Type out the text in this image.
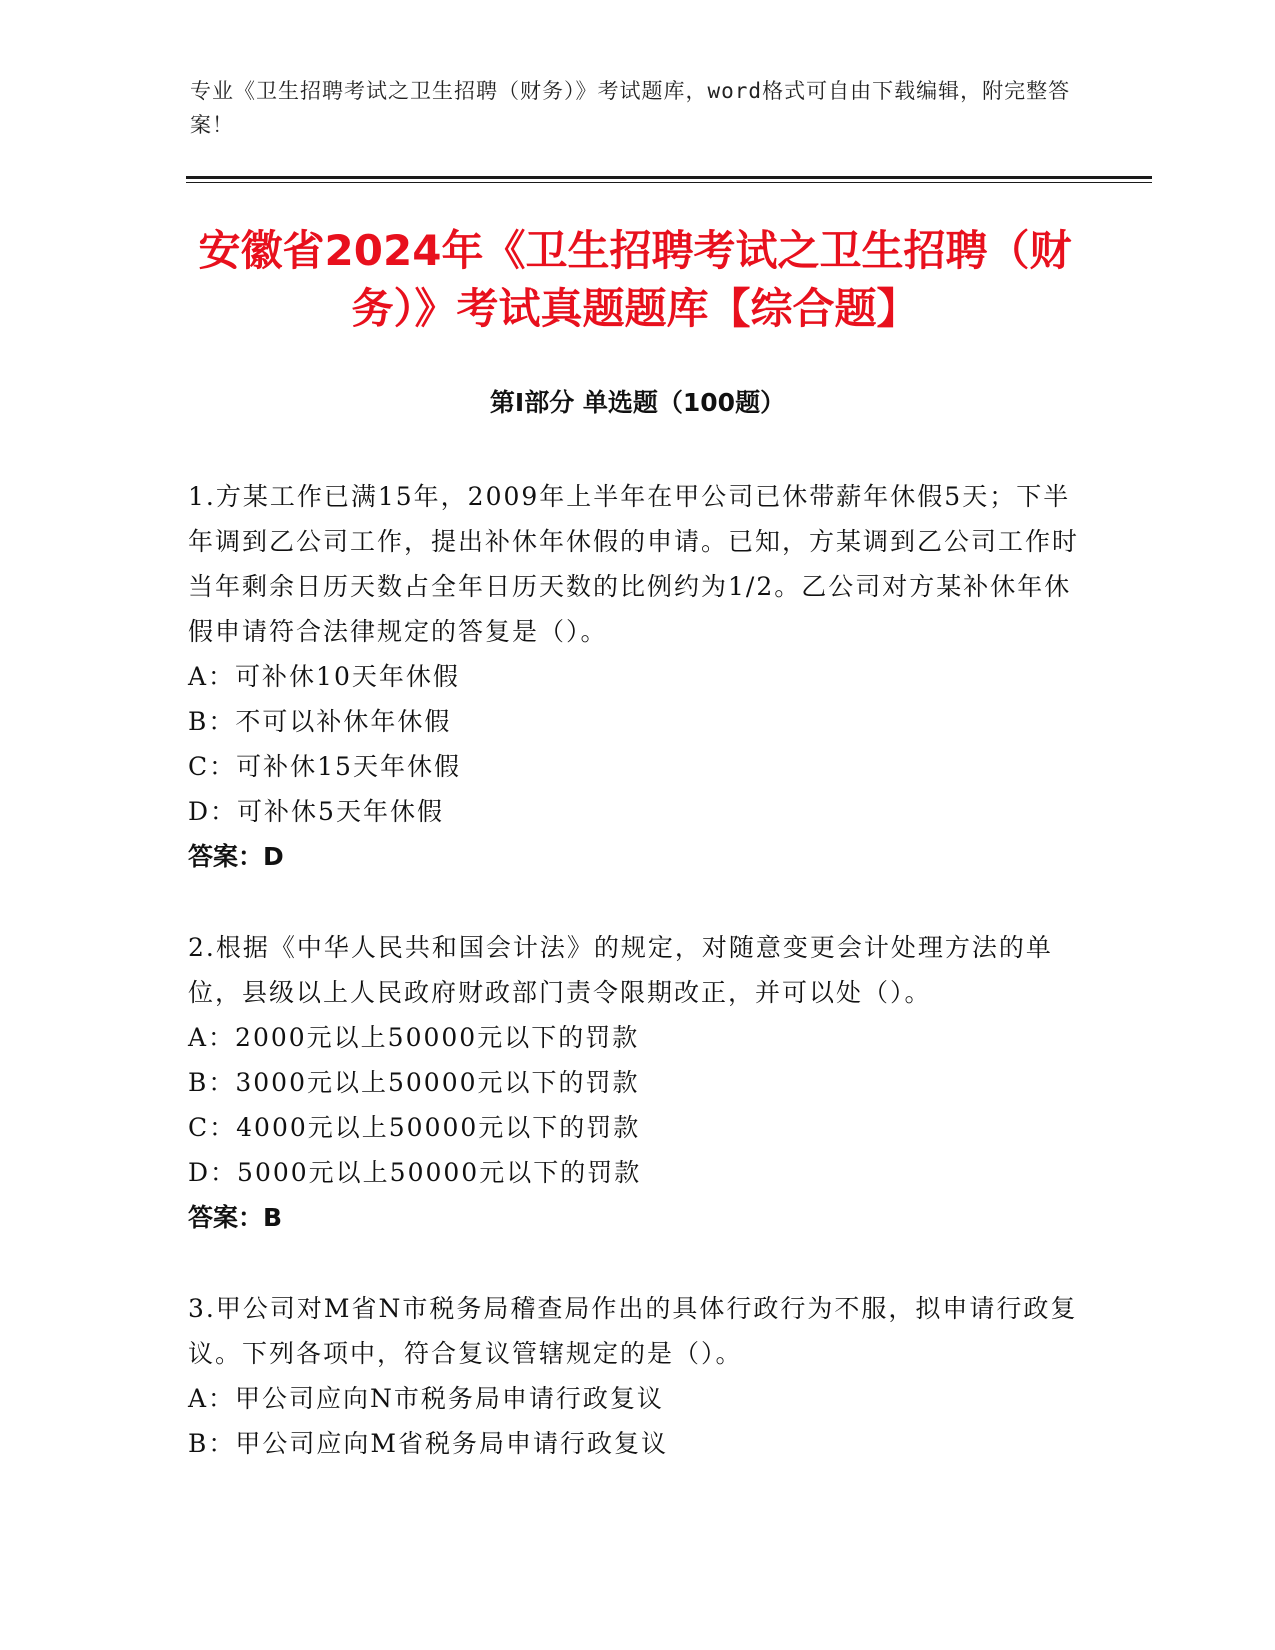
专业《卫生招聘考试之卫生招聘（财务）》考试题库，word格式可自由下载编辑，附完整答案！
安徽省2024年《卫生招聘考试之卫生招聘（财务）》考试真题题库【综合题】
第Ⅰ部分 单选题（100题）

1.方某工作已满15年，2009年上半年在甲公司已休带薪年休假5天；下半年调到乙公司工作，提出补休年休假的申请。已知，方某调到乙公司工作时当年剩余日历天数占全年日历天数的比例约为1/2。乙公司对方某补休年休假申请符合法律规定的答复是（）。

A：可补休10天年休假

B：不可以补休年休假

C：可补休15天年休假

D：可补休5天年休假

答案：D

2.根据《中华人民共和国会计法》的规定，对随意变更会计处理方法的单位，县级以上人民政府财政部门责令限期改正，并可以处（）。

A：2000元以上50000元以下的罚款

B：3000元以上50000元以下的罚款

C：4000元以上50000元以下的罚款

D：5000元以上50000元以下的罚款

答案：B

3.甲公司对M省N市税务局稽查局作出的具体行政行为不服，拟申请行政复议。下列各项中，符合复议管辖规定的是（）。

A：甲公司应向N市税务局申请行政复议

B：甲公司应向M省税务局申请行政复议
